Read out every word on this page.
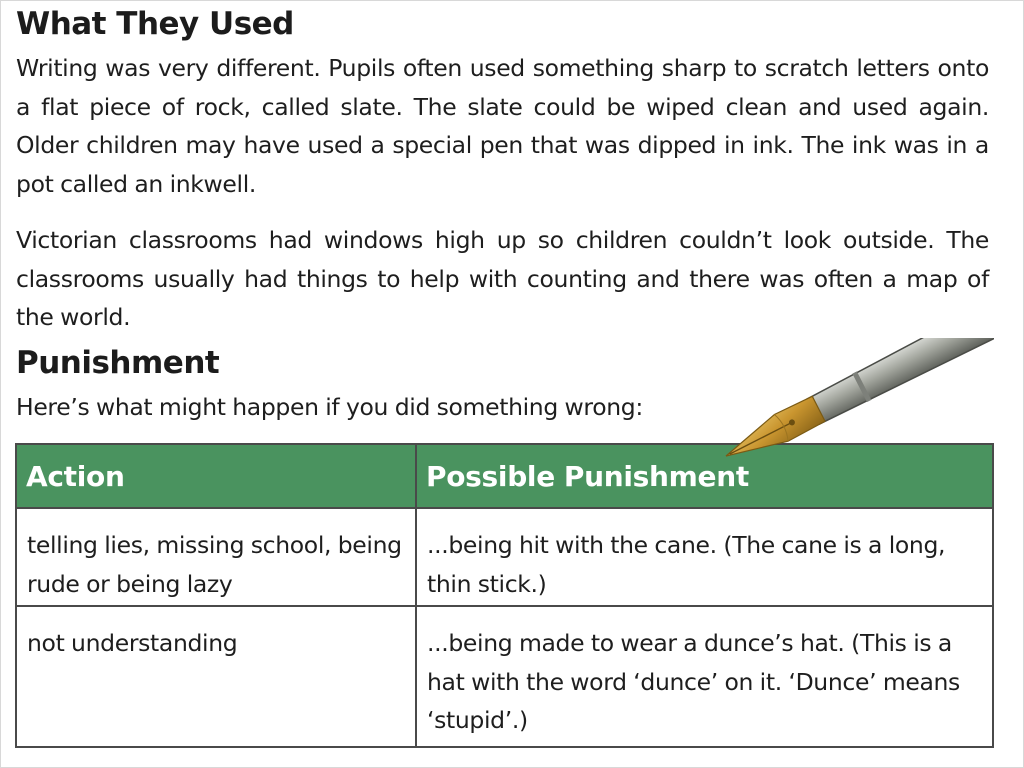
What They Used

Writing was very different. Pupils often used something sharp to scratch letters onto a flat piece of rock, called slate. The slate could be wiped clean and used again. Older children may have used a special pen that was dipped in ink. The ink was in a pot called an inkwell.

Victorian classrooms had windows high up so children couldn’t look outside. The classrooms usually had things to help with counting and there was often a map of the world.

Punishment

Here’s what might happen if you did something wrong:

Action	Possible Punishment
telling lies, missing school, being rude or being lazy	...being hit with the cane. (The cane is a long, thin stick.)
not understanding	...being made to wear a dunce’s hat. (This is a hat with the word ‘dunce’ on it. ‘Dunce’ means ‘stupid’.)
